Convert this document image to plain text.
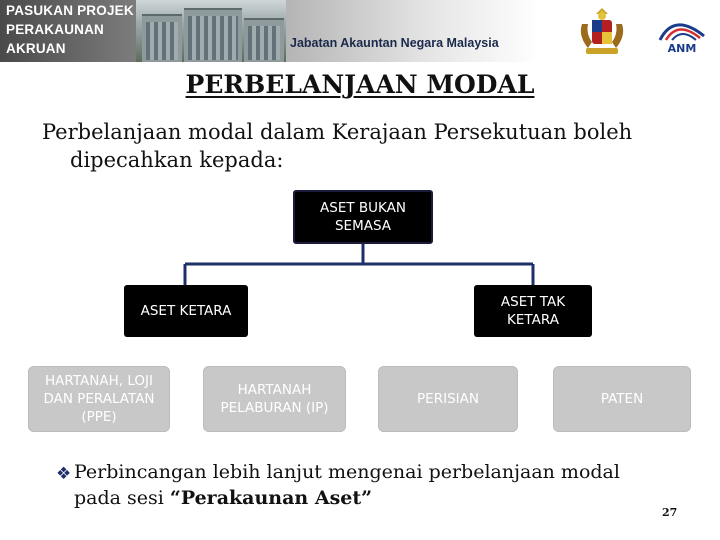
PASUKAN PROJEK
PERAKAUNAN
AKRUAN	Jabatan Akauntan Negara Malaysia	ANM
PERBELANJAAN MODAL
Perbelanjaan modal dalam Kerajaan Persekutuan boleh dipecahkan kepada:
ASET BUKAN SEMASA
ASET KETARA
ASET TAK KETARA
HARTANAH, LOJI DAN PERALATAN (PPE)
HARTANAH PELABURAN (IP)
PERISIAN	PATEN
❖ Perbincangan lebih lanjut mengenai perbelanjaan modal pada sesi “Perakaunan Aset”
27
